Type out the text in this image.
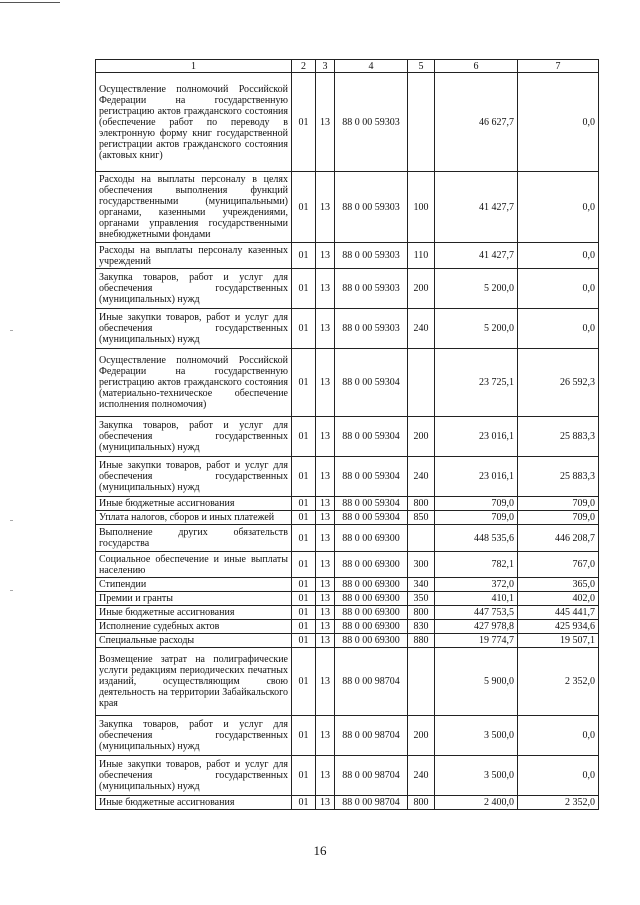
1	2	3	4	5	6	7
Осуществление полномочий Российской Федерации на государственную регистрацию актов гражданского состояния (обеспечение работ по переводу в электронную форму книг государственной регистрации актов гражданского состояния (актовых книг)	01	13	88 0 00 59303		46 627,7	0,0
Расходы на выплаты персоналу в целях обеспечения выполнения функций государственными (муниципальными) органами, казенными учреждениями, органами управления государственными внебюджетными фондами	01	13	88 0 00 59303	100	41 427,7	0,0
Расходы на выплаты персоналу казенных учреждений	01	13	88 0 00 59303	110	41 427,7	0,0
Закупка товаров, работ и услуг для обеспечения государственных (муниципальных) нужд	01	13	88 0 00 59303	200	5 200,0	0,0
Иные закупки товаров, работ и услуг для обеспечения государственных (муниципальных) нужд	01	13	88 0 00 59303	240	5 200,0	0,0
Осуществление полномочий Российской Федерации на государственную регистрацию актов гражданского состояния (материально-техническое обеспечение исполнения полномочия)	01	13	88 0 00 59304		23 725,1	26 592,3
Закупка товаров, работ и услуг для обеспечения государственных (муниципальных) нужд	01	13	88 0 00 59304	200	23 016,1	25 883,3
Иные закупки товаров, работ и услуг для обеспечения государственных (муниципальных) нужд	01	13	88 0 00 59304	240	23 016,1	25 883,3
Иные бюджетные ассигнования	01	13	88 0 00 59304	800	709,0	709,0
Уплата налогов, сборов и иных платежей	01	13	88 0 00 59304	850	709,0	709,0
Выполнение других обязательств государства	01	13	88 0 00 69300		448 535,6	446 208,7
Социальное обеспечение и иные выплаты населению	01	13	88 0 00 69300	300	782,1	767,0
Стипендии	01	13	88 0 00 69300	340	372,0	365,0
Премии и гранты	01	13	88 0 00 69300	350	410,1	402,0
Иные бюджетные ассигнования	01	13	88 0 00 69300	800	447 753,5	445 441,7
Исполнение судебных актов	01	13	88 0 00 69300	830	427 978,8	425 934,6
Специальные расходы	01	13	88 0 00 69300	880	19 774,7	19 507,1
Возмещение затрат на полиграфические услуги редакциям периодических печатных изданий, осуществляющим свою деятельность на территории Забайкальского края	01	13	88 0 00 98704		5 900,0	2 352,0
Закупка товаров, работ и услуг для обеспечения государственных (муниципальных) нужд	01	13	88 0 00 98704	200	3 500,0	0,0
Иные закупки товаров, работ и услуг для обеспечения государственных (муниципальных) нужд	01	13	88 0 00 98704	240	3 500,0	0,0
Иные бюджетные ассигнования	01	13	88 0 00 98704	800	2 400,0	2 352,0
16
